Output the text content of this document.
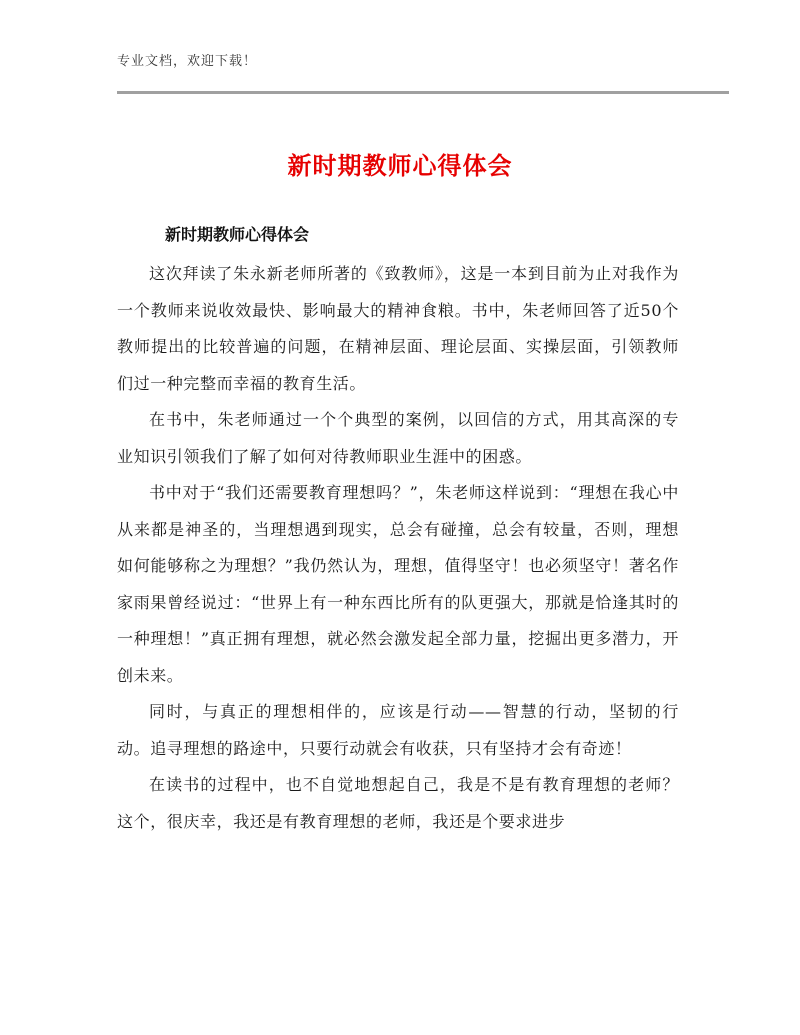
专业文档，欢迎下载！
新时期教师心得体会
新时期教师心得体会

这次拜读了朱永新老师所著的《致教师》，这是一本到目前为止对我作为一个教师来说收效最快、影响最大的精神食粮。书中，朱老师回答了近50个教师提出的比较普遍的问题，在精神层面、理论层面、实操层面，引领教师们过一种完整而幸福的教育生活。

在书中，朱老师通过一个个典型的案例，以回信的方式，用其高深的专业知识引领我们了解了如何对待教师职业生涯中的困惑。

书中对于“我们还需要教育理想吗？”，朱老师这样说到：“理想在我心中从来都是神圣的，当理想遇到现实，总会有碰撞，总会有较量，否则，理想如何能够称之为理想？”我仍然认为，理想，值得坚守！也必须坚守！著名作家雨果曾经说过：“世界上有一种东西比所有的队更强大，那就是恰逢其时的一种理想！”真正拥有理想，就必然会激发起全部力量，挖掘出更多潜力，开创未来。

同时，与真正的理想相伴的，应该是行动——智慧的行动，坚韧的行动。追寻理想的路途中，只要行动就会有收获，只有坚持才会有奇迹！

在读书的过程中，也不自觉地想起自己，我是不是有教育理想的老师？这个，很庆幸，我还是有教育理想的老师，我还是个要求进步
